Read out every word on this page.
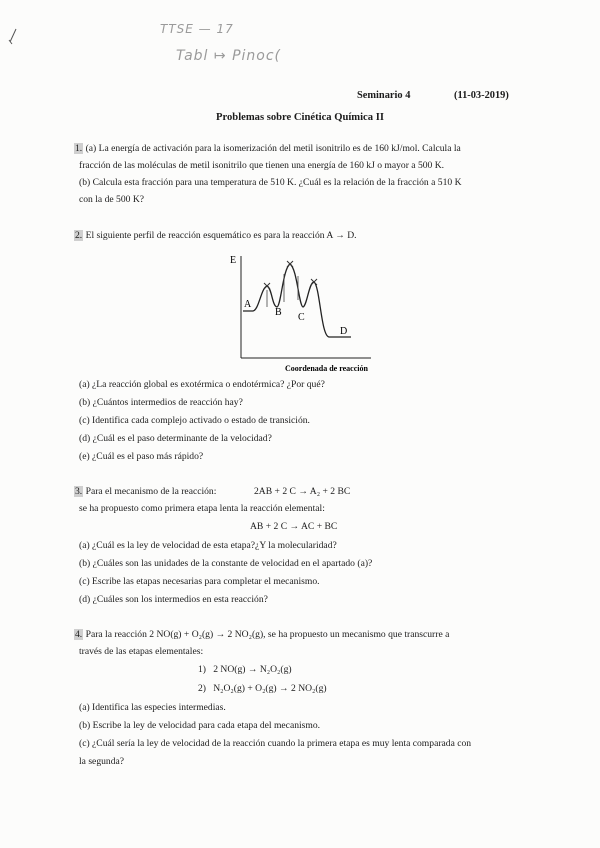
TTSE — 17
Tabl ↦ Pinoc(
Seminario 4	(11-03-2019)
Problemas sobre Cinética Química II
1. (a) La energía de activación para la isomerización del metil isonitrilo es de 160 kJ/mol. Calcula la
fracción de las moléculas de metil isonitrilo que tienen una energía de 160 kJ o mayor a 500 K.
(b) Calcula esta fracción para una temperatura de 510 K. ¿Cuál es la relación de la fracción a 510 K
con la de 500 K?
2. El siguiente perfil de reacción esquemático es para la reacción A → D.
E
A
B C
D
Coordenada de reacción
(a) ¿La reacción global es exotérmica o endotérmica? ¿Por qué?
(b) ¿Cuántos intermedios de reacción hay?
(c) Identifica cada complejo activado o estado de transición.
(d) ¿Cuál es el paso determinante de la velocidad?
(e) ¿Cuál es el paso más rápido?
3. Para el mecanismo de la reacción:	2AB + 2 C → A₂ + 2 BC
se ha propuesto como primera etapa lenta la reacción elemental:
AB + 2 C → AC + BC
(a) ¿Cuál es la ley de velocidad de esta etapa?¿Y la molecularidad?
(b) ¿Cuáles son las unidades de la constante de velocidad en el apartado (a)?
(c) Escribe las etapas necesarias para completar el mecanismo.
(d) ¿Cuáles son los intermedios en esta reacción?
4. Para la reacción 2 NO(g) + O₂(g) → 2 NO₂(g), se ha propuesto un mecanismo que transcurre a
través de las etapas elementales:
1) 2 NO(g) → N₂O₂(g)
2) N₂O₂(g) + O₂(g) → 2 NO₂(g)
(a) Identifica las especies intermedias.
(b) Escribe la ley de velocidad para cada etapa del mecanismo.
(c) ¿Cuál sería la ley de velocidad de la reacción cuando la primera etapa es muy lenta comparada con
la segunda?
